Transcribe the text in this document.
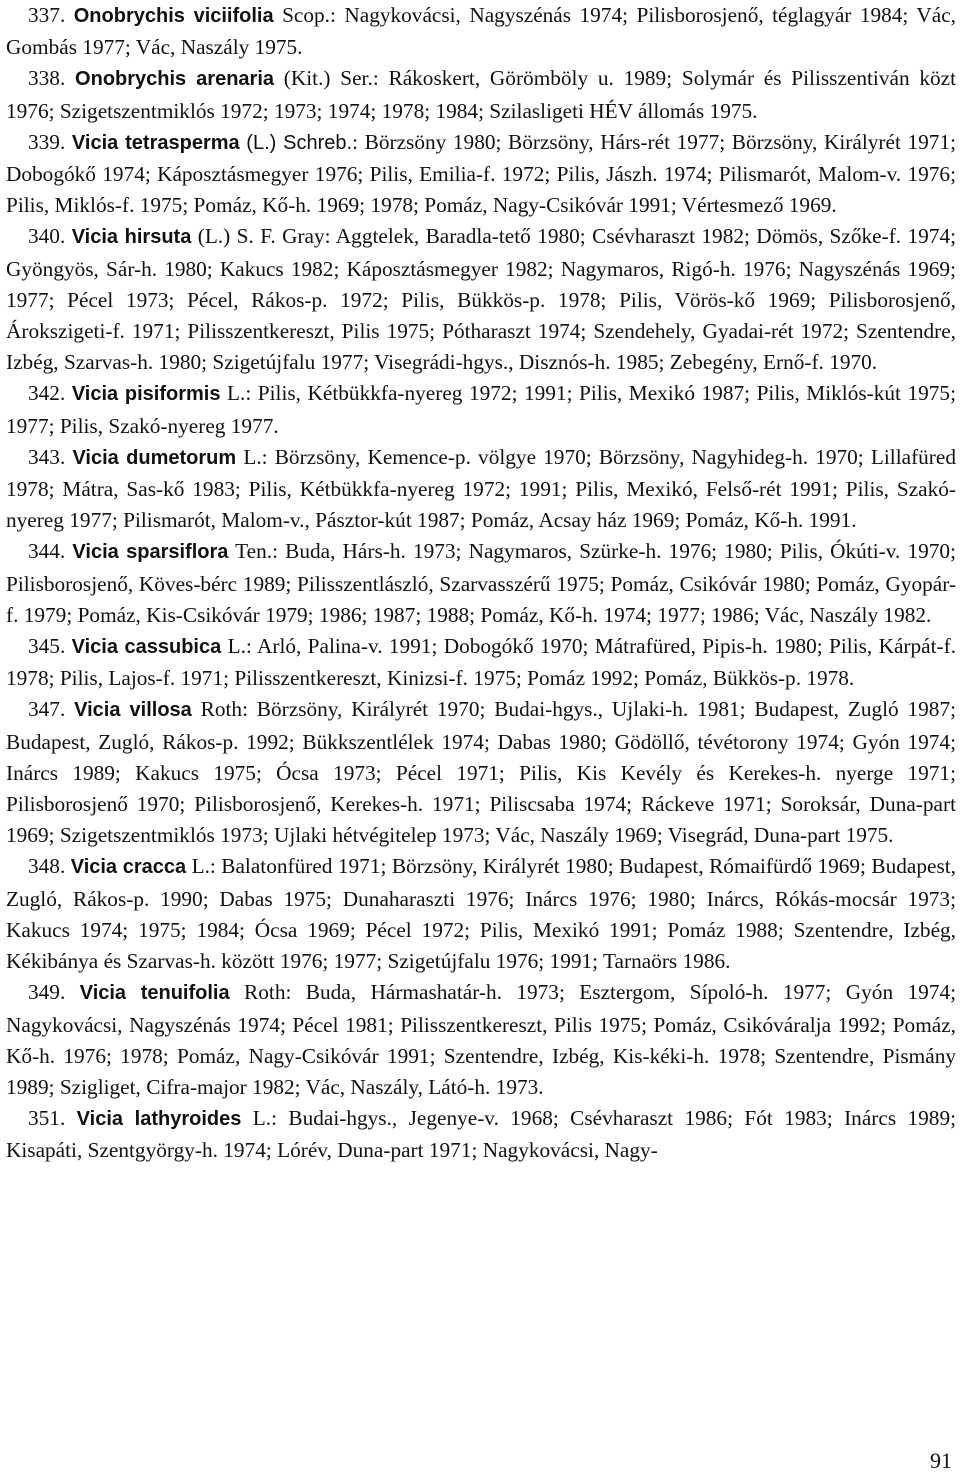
337. Onobrychis viciifolia Scop.: Nagykovácsi, Nagyszénás 1974; Pilisborosjenő, téglagyár 1984; Vác, Gombás 1977; Vác, Naszály 1975.

338. Onobrychis arenaria (Kit.) Ser.: Rákoskert, Görömböly u. 1989; Solymár és Pilisszentiván közt 1976; Szigetszentmiklós 1972; 1973; 1974; 1978; 1984; Szilasligeti HÉV állomás 1975.

339. Vicia tetrasperma (L.) Schreb.: Börzsöny 1980; Börzsöny, Hárs-rét 1977; Börzsöny, Királyrét 1971; Dobogókő 1974; Káposztásmegyer 1976; Pilis, Emilia-f. 1972; Pilis, Jászh. 1974; Pilismarót, Malom-v. 1976; Pilis, Miklós-f. 1975; Pomáz, Kő-h. 1969; 1978; Pomáz, Nagy-Csikóvár 1991; Vértesmező 1969.

340. Vicia hirsuta (L.) S. F. Gray: Aggtelek, Baradla-tető 1980; Csévharaszt 1982; Dömös, Szőke-f. 1974; Gyöngyös, Sár-h. 1980; Kakucs 1982; Káposztásmegyer 1982; Nagymaros, Rigó-h. 1976; Nagyszénás 1969; 1977; Pécel 1973; Pécel, Rákos-p. 1972; Pilis, Bükkös-p. 1978; Pilis, Vörös-kő 1969; Pilisborosjenő, Árokszigeti-f. 1971; Pilisszentkereszt, Pilis 1975; Pótharaszt 1974; Szendehely, Gyadai-rét 1972; Szentendre, Izbég, Szarvas-h. 1980; Szigetújfalu 1977; Visegrádi-hgys., Disznós-h. 1985; Zebegény, Ernő-f. 1970.

342. Vicia pisiformis L.: Pilis, Kétbükkfa-nyereg 1972; 1991; Pilis, Mexikó 1987; Pilis, Miklós-kút 1975; 1977; Pilis, Szakó-nyereg 1977.

343. Vicia dumetorum L.: Börzsöny, Kemence-p. völgye 1970; Börzsöny, Nagyhideg-h. 1970; Lillafüred 1978; Mátra, Sas-kő 1983; Pilis, Kétbükkfa-nyereg 1972; 1991; Pilis, Mexikó, Felső-rét 1991; Pilis, Szakó-nyereg 1977; Pilismarót, Malom-v., Pásztor-kút 1987; Pomáz, Acsay ház 1969; Pomáz, Kő-h. 1991.

344. Vicia sparsiflora Ten.: Buda, Hárs-h. 1973; Nagymaros, Szürke-h. 1976; 1980; Pilis, Ókúti-v. 1970; Pilisborosjenő, Köves-bérc 1989; Pilisszentlászló, Szarvasszérű 1975; Pomáz, Csikóvár 1980; Pomáz, Gyopár-f. 1979; Pomáz, Kis-Csikóvár 1979; 1986; 1987; 1988; Pomáz, Kő-h. 1974; 1977; 1986; Vác, Naszály 1982.

345. Vicia cassubica L.: Arló, Palina-v. 1991; Dobogókő 1970; Mátrafüred, Pipis-h. 1980; Pilis, Kárpát-f. 1978; Pilis, Lajos-f. 1971; Pilisszentkereszt, Kinizsi-f. 1975; Pomáz 1992; Pomáz, Bükkös-p. 1978.

347. Vicia villosa Roth: Börzsöny, Királyrét 1970; Budai-hgys., Ujlaki-h. 1981; Budapest, Zugló 1987; Budapest, Zugló, Rákos-p. 1992; Bükkszentlélek 1974; Dabas 1980; Gödöllő, tévétorony 1974; Gyón 1974; Inárcs 1989; Kakucs 1975; Ócsa 1973; Pécel 1971; Pilis, Kis Kevély és Kerekes-h. nyerge 1971; Pilisborosjenő 1970; Pilisborosjenő, Kerekes-h. 1971; Piliscsaba 1974; Ráckeve 1971; Soroksár, Duna-part 1969; Szigetszentmiklós 1973; Ujlaki hétvégitelep 1973; Vác, Naszály 1969; Visegrád, Duna-part 1975.

348. Vicia cracca L.: Balatonfüred 1971; Börzsöny, Királyrét 1980; Budapest, Rómaifürdő 1969; Budapest, Zugló, Rákos-p. 1990; Dabas 1975; Dunaharaszti 1976; Inárcs 1976; 1980; Inárcs, Rókás-mocsár 1973; Kakucs 1974; 1975; 1984; Ócsa 1969; Pécel 1972; Pilis, Mexikó 1991; Pomáz 1988; Szentendre, Izbég, Kékibánya és Szarvas-h. között 1976; 1977; Szigetújfalu 1976; 1991; Tarnaörs 1986.

349. Vicia tenuifolia Roth: Buda, Hármashatár-h. 1973; Esztergom, Sípoló-h. 1977; Gyón 1974; Nagykovácsi, Nagyszénás 1974; Pécel 1981; Pilisszentkereszt, Pilis 1975; Pomáz, Csikóváralja 1992; Pomáz, Kő-h. 1976; 1978; Pomáz, Nagy-Csikóvár 1991; Szentendre, Izbég, Kis-kéki-h. 1978; Szentendre, Pismány 1989; Szigliget, Cifra-major 1982; Vác, Naszály, Látó-h. 1973.

351. Vicia lathyroides L.: Budai-hgys., Jegenye-v. 1968; Csévharaszt 1986; Fót 1983; Inárcs 1989; Kisapáti, Szentgyörgy-h. 1974; Lórév, Duna-part 1971; Nagykovácsi, Nagy-

91
